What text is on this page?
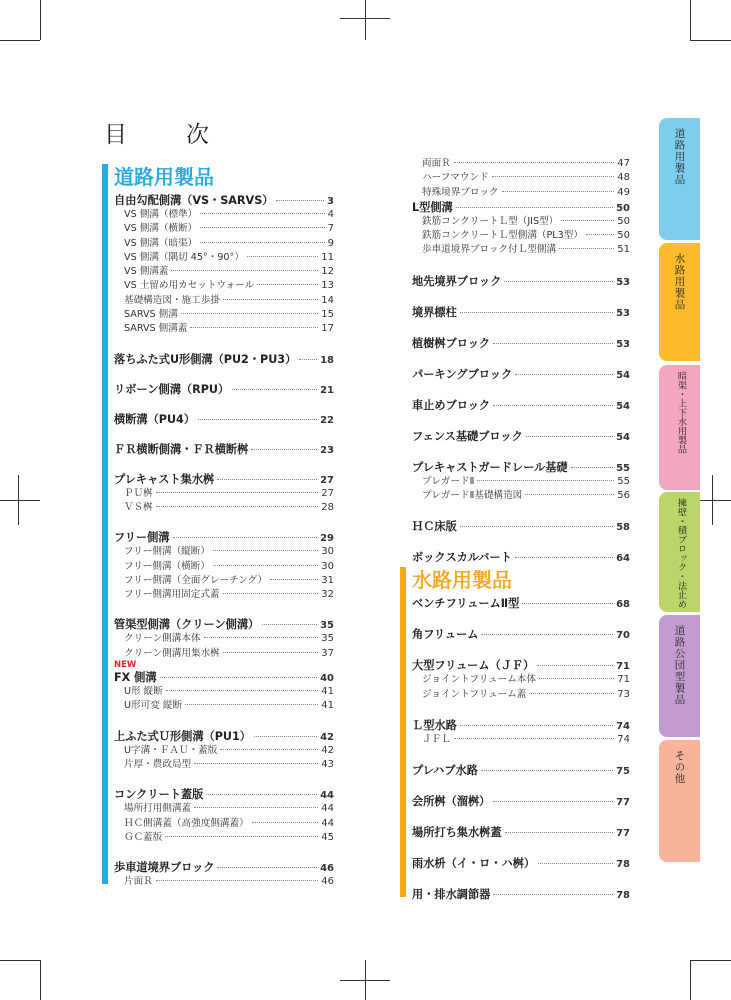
目　次
道路用製品
自由勾配側溝（VS・SARVS）	3
VS 側溝（標準）	4
VS 側溝（横断）	7
VS 側溝（暗渠）	9
VS 側溝（隅切 45°・90°）	11
VS 側溝蓋	12
VS 土留め用カセットウォール	13
基礎構造図・施工歩掛	14
SARVS 側溝	15
SARVS 側溝蓋	17
落ちふた式U形側溝（PU2・PU3） 18
リボーン側溝（RPU）	21
横断溝（PU4）	22
ＦＲ横断側溝・ＦＲ横断桝	23
プレキャスト集水桝	27
ＰＵ桝	27
ＶＳ桝	28
フリー側溝	29
フリー側溝（縦断）	30
フリー側溝（横断）	30
フリー側溝（全面グレーチング）	31
フリー側溝用固定式蓋	32
管渠型側溝（クリーン側溝）	35
クリーン側溝本体	35
クリーン側溝用集水桝	37
NEW
FX 側溝	40
U形 縦断	41
U形可変 縦断	41
上ふた式Ｕ形側溝（PU1）	42
U字溝・ＦＡＵ・蓋版	42
片厚・農政局型	43
コンクリート蓋版	44
場所打用側溝蓋	44
ＨＣ側溝蓋（高強度側溝蓋）	44
ＧＣ蓋版	45
歩車道境界ブロック	46
片面Ｒ	46
両面Ｒ	47
ハーフマウンド	48
特殊境界ブロック	49
L型側溝	50
鉄筋コンクリートＬ型（JIS型）	50
鉄筋コンクリートＬ型側溝（PL3型）	50
歩車道境界ブロック付Ｌ型側溝	51
地先境界ブロック	53
境界標柱	53
植樹桝ブロック	53
パーキングブロック	54
車止めブロック	54
フェンス基礎ブロック	54
プレキャストガードレール基礎	55
プレガードⅡ	55
プレガードⅡ基礎構造図	56
ＨＣ床版	58
ボックスカルバート	64
水路用製品
ベンチフリュームⅡ型	68
角フリューム	70
大型フリューム（ＪＦ）	71
ジョイントフリューム本体	71
ジョイントフリューム蓋	73
Ｌ型水路	74
ＪＦＬ	74
プレハブ水路	75
会所桝（溜桝）	77
場所打ち集水桝蓋	77
雨水枡（イ・ロ・ハ桝）	78
用・排水調節器	78
道路用製品
水路用製品
暗渠・上下水用製品
擁壁・積ブロック・法止め
道路公団型製品
その他
